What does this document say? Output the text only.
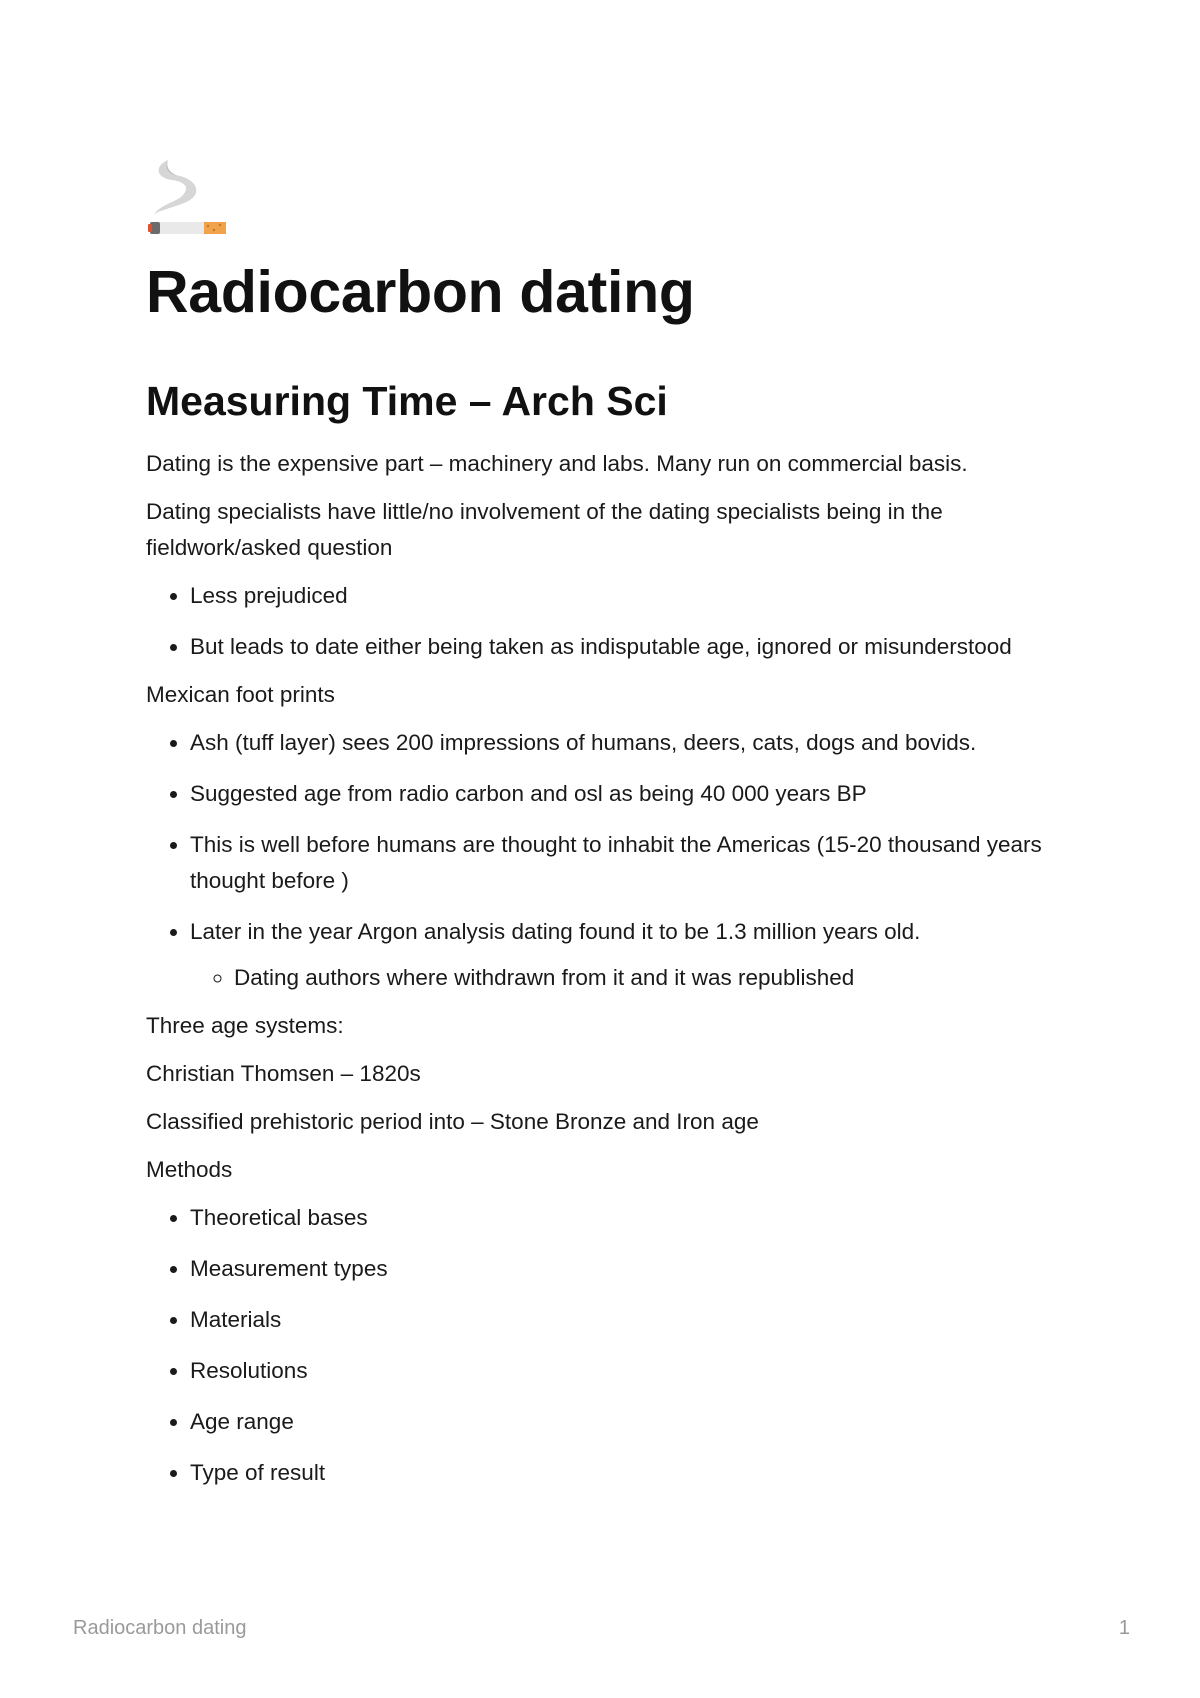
Radiocarbon dating
Measuring Time – Arch Sci

Dating is the expensive part – machinery and labs. Many run on commercial basis.

Dating specialists have little/no involvement of the dating specialists being in the fieldwork/asked question

• Less prejudiced
• But leads to date either being taken as indisputable age, ignored or misunderstood

Mexican foot prints

• Ash (tuff layer) sees 200 impressions of humans, deers, cats, dogs and bovids.
• Suggested age from radio carbon and osl as being 40 000 years BP
• This is well before humans are thought to inhabit the Americas (15-20 thousand years thought before )
• Later in the year Argon analysis dating found it to be 1.3 million years old.
◦ Dating authors where withdrawn from it and it was republished

Three age systems:

Christian Thomsen – 1820s

Classified prehistoric period into – Stone Bronze and Iron age

Methods

• Theoretical bases
• Measurement types
• Materials
• Resolutions
• Age range
• Type of result
Radiocarbon dating	1
